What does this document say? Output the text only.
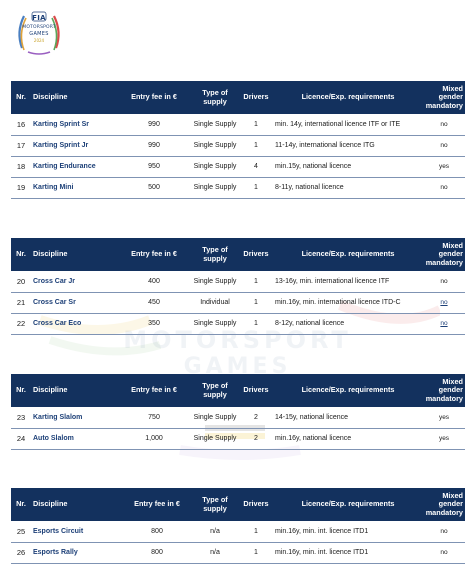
FIA
MOTORSPORT
GAMES
2024
MOTORSPORT
GAMES
Nr.	Discipline	Entry fee in €	Type of supply	Drivers	Licence/Exp. requirements	Mixed gender mandatory
16	Karting Sprint Sr	990	Single Supply	1	min. 14y, international licence ITF or ITE	no
17	Karting Sprint Jr	990	Single Supply	1	11-14y, international licence ITG	no
18	Karting Endurance	950	Single Supply	4	min.15y, national licence	yes
19	Karting Mini	500	Single Supply	1	8-11y, national licence	no
Nr.	Discipline	Entry fee in €	Type of supply	Drivers	Licence/Exp. requirements	Mixed gender mandatory
20	Cross Car Jr	400	Single Supply	1	13-16y, min. international licence ITF	no
21	Cross Car Sr	450	Individual	1	min.16y, min. international licence ITD-C	no
22	Cross Car Eco	350	Single Supply	1	8-12y, national licence	no
Nr.	Discipline	Entry fee in €	Type of supply	Drivers	Licence/Exp. requirements	Mixed gender mandatory
23	Karting Slalom	750	Single Supply	2	14-15y, national licence	yes
24	Auto Slalom	1,000	Single Supply	2	min.16y, national licence	yes
Nr.	Discipline	Entry fee in €	Type of supply	Drivers	Licence/Exp. requirements	Mixed gender mandatory
25	Esports Circuit	800	n/a	1	min.16y, min. int. licence ITD1	no
26	Esports Rally	800	n/a	1	min.16y, min. int. licence ITD1	no
